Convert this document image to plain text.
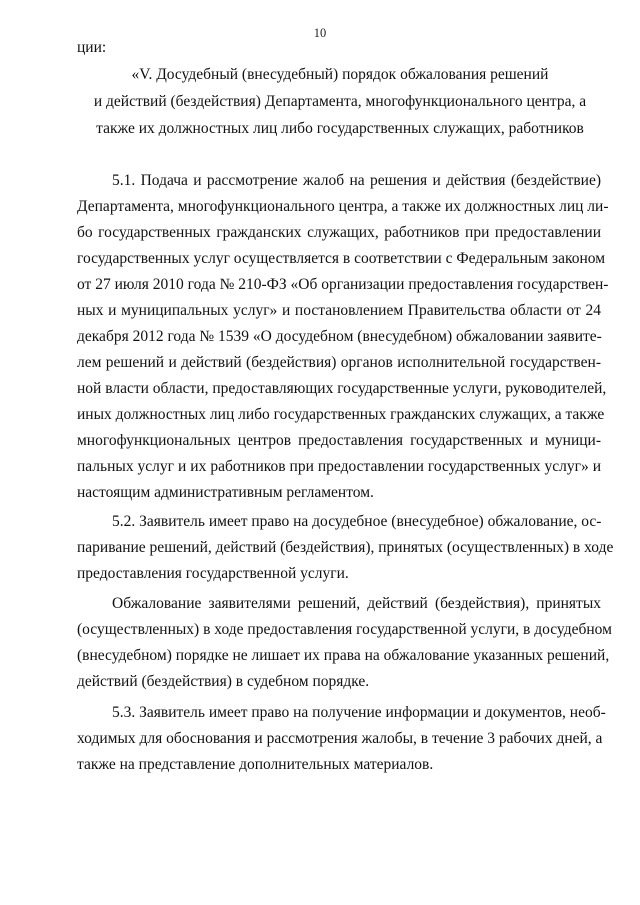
10
ции:
«V. Досудебный (внесудебный) порядок обжалования решений
и действий (бездействия) Департамента, многофункционального центра, а
также их должностных лиц либо государственных служащих, работников
5.1. Подача и рассмотрение жалоб на решения и действия (бездействие)
Департамента, многофункционального центра, а также их должностных лиц ли-
бо государственных гражданских служащих, работников при предоставлении
государственных услуг осуществляется в соответствии с Федеральным законом
от 27 июля 2010 года № 210-ФЗ «Об организации предоставления государствен-
ных и муниципальных услуг» и постановлением Правительства области от 24
декабря 2012 года № 1539 «О досудебном (внесудебном) обжаловании заявите-
лем решений и действий (бездействия) органов исполнительной государствен-
ной власти области, предоставляющих государственные услуги, руководителей,
иных должностных лиц либо государственных гражданских служащих, а также
многофункциональных центров предоставления государственных и муници-
пальных услуг и их работников при предоставлении государственных услуг» и
настоящим административным регламентом.
5.2. Заявитель имеет право на досудебное (внесудебное) обжалование, ос-
паривание решений, действий (бездействия), принятых (осуществленных) в ходе
предоставления государственной услуги.
Обжалование заявителями решений, действий (бездействия), принятых
(осуществленных) в ходе предоставления государственной услуги, в досудебном
(внесудебном) порядке не лишает их права на обжалование указанных решений,
действий (бездействия) в судебном порядке.
5.3. Заявитель имеет право на получение информации и документов, необ-
ходимых для обоснования и рассмотрения жалобы, в течение 3 рабочих дней, а
также на представление дополнительных материалов.
